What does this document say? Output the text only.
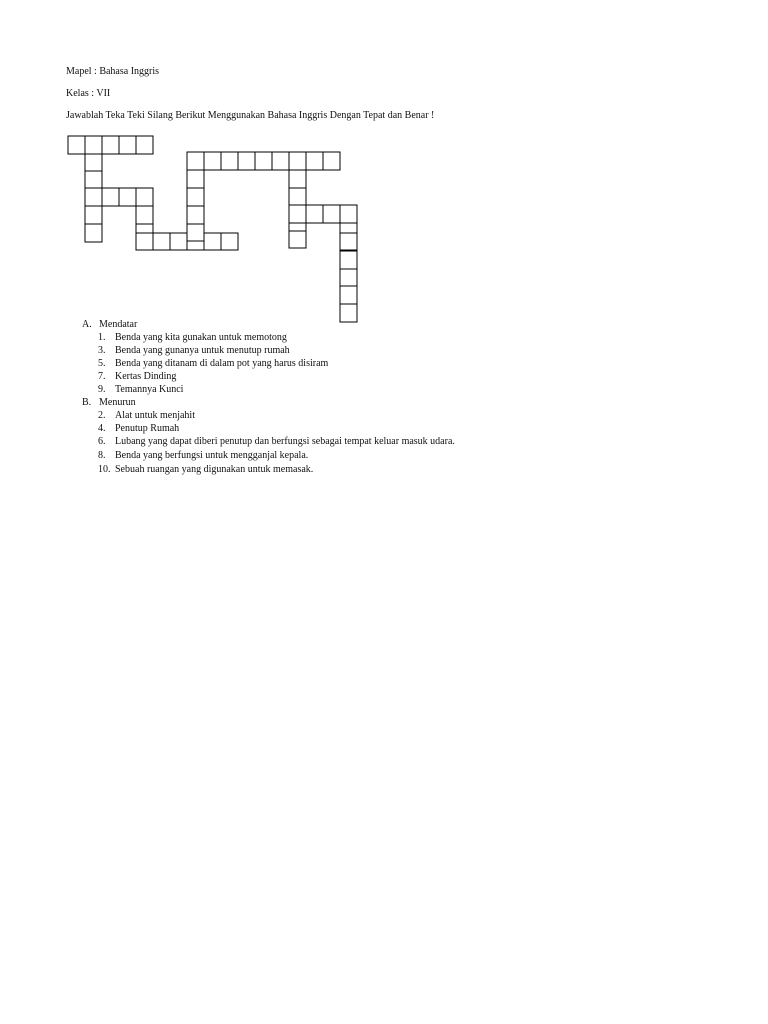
Mapel : Bahasa Inggris
Kelas : VII
Jawablah Teka Teki Silang Berikut Menggunakan Bahasa Inggris Dengan Tepat dan Benar !
A. Mendatar
1. Benda yang kita gunakan untuk memotong
3. Benda yang gunanya untuk menutup rumah
5. Benda yang ditanam di dalam pot yang harus disiram
7. Kertas Dinding
9. Temannya Kunci
B. Menurun
2. Alat untuk menjahit
4. Penutup Rumah
6. Lubang yang dapat diberi penutup dan berfungsi sebagai tempat keluar masuk udara.
8. Benda yang berfungsi untuk mengganjal kepala.
10. Sebuah ruangan yang digunakan untuk memasak.
